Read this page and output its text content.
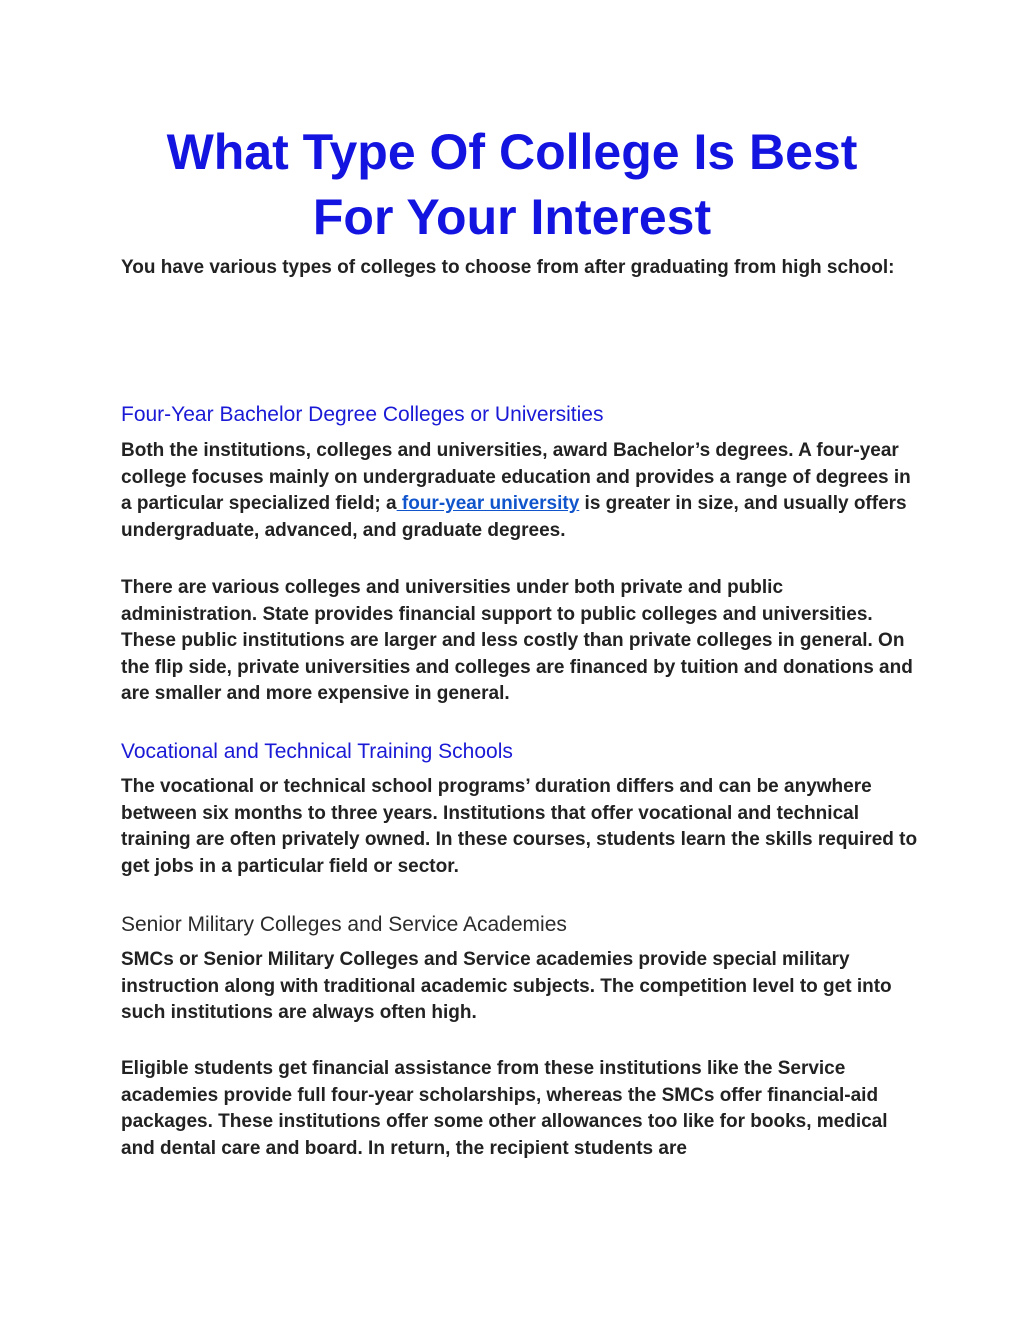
What Type Of College Is Best
For Your Interest

You have various types of colleges to choose from after graduating from high school:

Four-Year Bachelor Degree Colleges or Universities

Both the institutions, colleges and universities, award Bachelor’s degrees. A four-year college focuses mainly on undergraduate education and provides a range of degrees in a particular specialized field; a four-year university is greater in size, and usually offers undergraduate, advanced, and graduate degrees.

There are various colleges and universities under both private and public administration. State provides financial support to public colleges and universities. These public institutions are larger and less costly than private colleges in general. On the flip side, private universities and colleges are financed by tuition and donations and are smaller and more expensive in general.

Vocational and Technical Training Schools

The vocational or technical school programs’ duration differs and can be anywhere between six months to three years. Institutions that offer vocational and technical training are often privately owned. In these courses, students learn the skills required to get jobs in a particular field or sector.

Senior Military Colleges and Service Academies

SMCs or Senior Military Colleges and Service academies provide special military instruction along with traditional academic subjects. The competition level to get into such institutions are always often high.

Eligible students get financial assistance from these institutions like the Service academies provide full four-year scholarships, whereas the SMCs offer financial-aid packages. These institutions offer some other allowances too like for books, medical and dental care and board. In return, the recipient students are
